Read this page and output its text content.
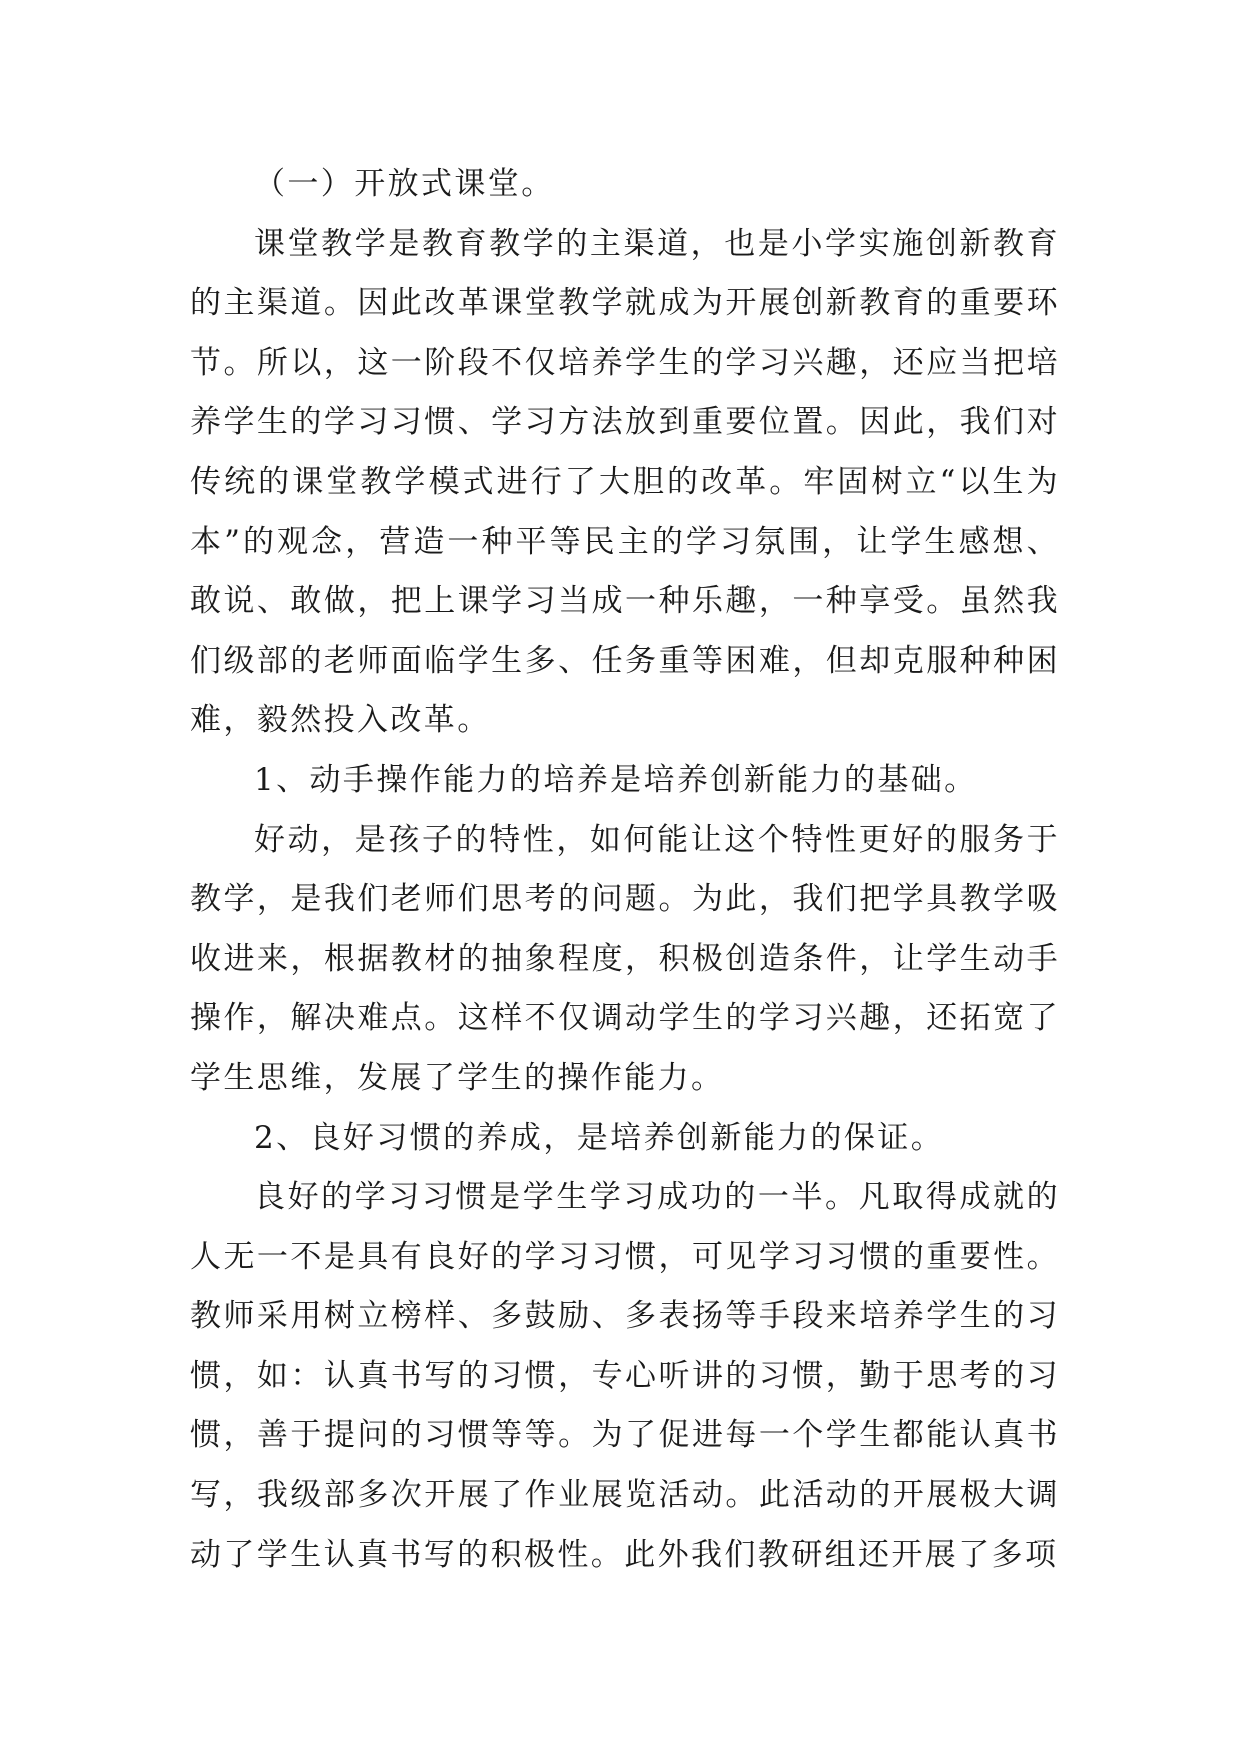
（一）开放式课堂。

课堂教学是教育教学的主渠道，也是小学实施创新教育的主渠道。因此改革课堂教学就成为开展创新教育的重要环节。所以，这一阶段不仅培养学生的学习兴趣，还应当把培养学生的学习习惯、学习方法放到重要位置。因此，我们对传统的课堂教学模式进行了大胆的改革。牢固树立“以生为本”的观念，营造一种平等民主的学习氛围，让学生感想、敢说、敢做，把上课学习当成一种乐趣，一种享受。虽然我们级部的老师面临学生多、任务重等困难，但却克服种种困难，毅然投入改革。

1、动手操作能力的培养是培养创新能力的基础。

好动，是孩子的特性，如何能让这个特性更好的服务于教学，是我们老师们思考的问题。为此，我们把学具教学吸收进来，根据教材的抽象程度，积极创造条件，让学生动手操作，解决难点。这样不仅调动学生的学习兴趣，还拓宽了学生思维，发展了学生的操作能力。

2、良好习惯的养成，是培养创新能力的保证。

良好的学习习惯是学生学习成功的一半。凡取得成就的人无一不是具有良好的学习习惯，可见学习习惯的重要性。教师采用树立榜样、多鼓励、多表扬等手段来培养学生的习惯，如：认真书写的习惯，专心听讲的习惯，勤于思考的习惯，善于提问的习惯等等。为了促进每一个学生都能认真书写，我级部多次开展了作业展览活动。此活动的开展极大调动了学生认真书写的积极性。此外我们教研组还开展了多项
